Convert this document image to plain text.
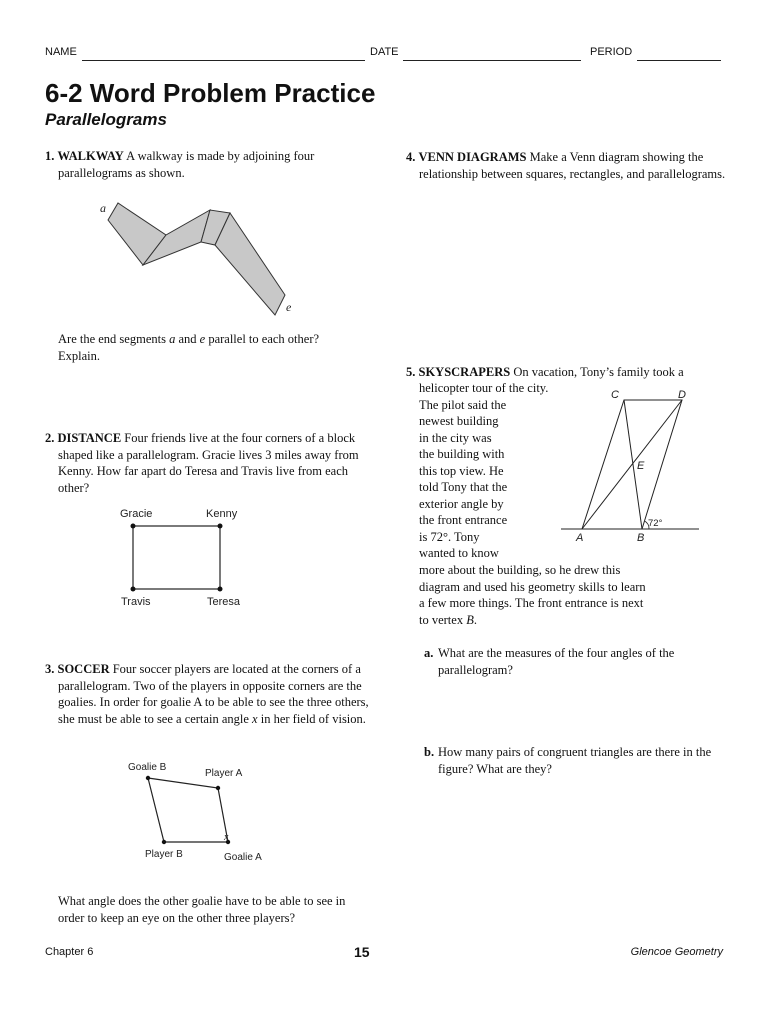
NAME	DATE	PERIOD
6-2 Word Problem Practice
Parallelograms
1. WALKWAY A walkway is made by adjoining four parallelograms as shown.
a
e
Are the end segments a and e parallel to each other? Explain.
2. DISTANCE Four friends live at the four corners of a block shaped like a parallelogram. Gracie lives 3 miles away from Kenny. How far apart do Teresa and Travis live from each other?
Gracie	Kenny
Travis	Teresa
3. SOCCER Four soccer players are located at the corners of a parallelogram. Two of the players in opposite corners are the goalies. In order for goalie A to be able to see the three others, she must be able to see a certain angle x in her field of vision.
Goalie B
Player A
Player B	Goalie A
x
What angle does the other goalie have to be able to see in order to keep an eye on the other three players?
4. VENN DIAGRAMS Make a Venn diagram showing the relationship between squares, rectangles, and parallelograms.
5. SKYSCRAPERS On vacation, Tony’s family took a
helicopter tour of the city.
The pilot said the
newest building
in the city was
the building with
this top view. He
told Tony that the
exterior angle by
the front entrance
is 72°. Tony
wanted to know
more about the building, so he drew this diagram and used his geometry skills to learn a few more things. The front entrance is next to vertex B.
C	D
E
A	B
72°
a. What are the measures of the four angles of the parallelogram?
b. How many pairs of congruent triangles are there in the figure? What are they?
Chapter 6	15	Glencoe Geometry
